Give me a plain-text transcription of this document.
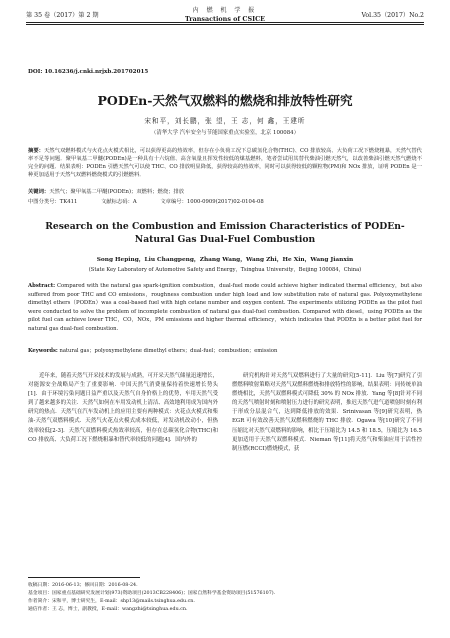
第 35 卷（2017）第 2 期
内 燃 机 学 报
Transactions of CSICE	Vol.35（2017）No.2
DOI: 10.16236/j.cnki.nrjxb.201702015
PODEn-天然气双燃料的燃烧和排放特性研究
宋和平，刘长鹏，张 望，王 志，何 鑫，王建昕
（清华大学 汽车安全与节能国家重点实验室，北京 100084）
摘要：天然气双燃料模式与火花点火模式相比，可以获得更高的热效率，但存在小负荷工况下总碳氢化合物(THC)、CO 排放较高、大负荷工况下燃烧粗暴，天然气替代率不足等问题．聚甲氧基二甲醚(PODEn)是一种具有十六烷值、高含氧量且挥发性较低的煤基燃料，笔者尝试用其替代柴油引燃天然气，以改善柴油引燃天然气燃烧不完全的问题．结果表明：PODEn 引燃天然气可以使 THC、CO 排放明显降低，获得较高的热效率，同时可以获得较低的颗粒物(PM)和 NOx 排放，证明 PODEn 是一种更加适用于天然气双燃料燃烧模式的引燃燃料．
关键词：天然气；聚甲氧基二甲醚(PODEn)；双燃料；燃烧；排放
中图分类号：TK411	文献标志码：A	文章编号：1000-0909(2017)02-0104-08
Research on the Combustion and Emission Characteristics of PODEn-Natural Gas Dual-Fuel Combustion
Song Heping，Liu Changpeng，Zhang Wang，Wang Zhi，He Xin，Wang Jianxin
(State Key Laboratory of Automotive Safety and Energy，Tsinghua University，Beijing 100084，China)
Abstract: Compared with the natural gas spark-ignition combustion，dual-fuel mode could achieve higher indicated thermal efficiency，but also suffered from poor THC and CO emissions，roughness combustion under high load and low substitution rate of natural gas. Polyoxymethylene dimethyl ethers（PODEn）was a coal-based fuel with high cetane number and oxygen content. The experiments utilizing PODEn as the pilot fuel were conducted to solve the problem of incomplete combustion of natural gas dual-fuel combustion. Compared with diesel，using PODEn as the pilot fuel can achieve lower THC，CO，NOx，PM emissions and higher thermal efficiency，which indicates that PODEn is a better pilot fuel for natural gas dual-fuel combustion.
Keywords: natural gas；polyoxymethylene dimethyl ethers；dual-fuel；combustion；emission
近年来，随着天然气开采技术的发展与成熟，可开采天然气储量迅速增长，对能源安全战略局产生了重要影响．中国天然气消费量保持着快速增长势头[1]．由于环境污染问题日益严重以及天然气自身价格上的优势，车用天然气受到了越来越多的关注．天然气如何在车用发动机上清洁、高效地利用成为国内外研究的热点．天然气在汽车发动机上的应用主要有两种模式：火花点火模式和柴油-天然气双燃料模式．天然气火花点火模式成本较低，对发动机改动小，但热效率较低[2-3]．天然气双燃料模式热效率较高，但存在总碳氢化合物(THC)和 CO 排放高、大负荷工况下燃烧粗暴和替代率较低的问题[4]．国内外的
研究机构针对天然气双燃料进行了大量的研究[5-11]．Liu 等[7]研究了引燃燃料喷射策略对天然气双燃料燃烧和排放特性的影响，结果表明：同传统单油燃烧相比，天然气双燃料模式可降低 30% 的 NOx 排放．Yang 等[8]针对不同的天然气喷射时刻和喷射压力进行的研究表明，推迟天然气进气道喷射时刻有利于形成分层混合气，达到降低排放的效果．Srinivasan 等[9]研究表明，热 EGR 可有效改善天然气双燃料燃烧的 THC 排放．Ogawa 等[10]研究了不同压缩比对天然气双燃料的影响，相比于压缩比为 14.5 和 18.5，压缩比为 16.5 更加适用于天然气双燃料模式．Nieman 等[11]将天然气和柴油应用于活性控制压燃(RCCI)燃烧模式，获
收稿日期：2016-06-13；修回日期：2016-08-24.
基金项目：国家重点基础研究发展计划(973)资助项目(2013CB228406)；国家自然科学基金资助项目(51576107).
作者简介：宋和平，博士研究生，E-mail：shp13@mails.tsinghua.edu.cn.
通信作者：王 志，博士，副教授，E-mail：wangzhi@tsinghua.edu.cn.
